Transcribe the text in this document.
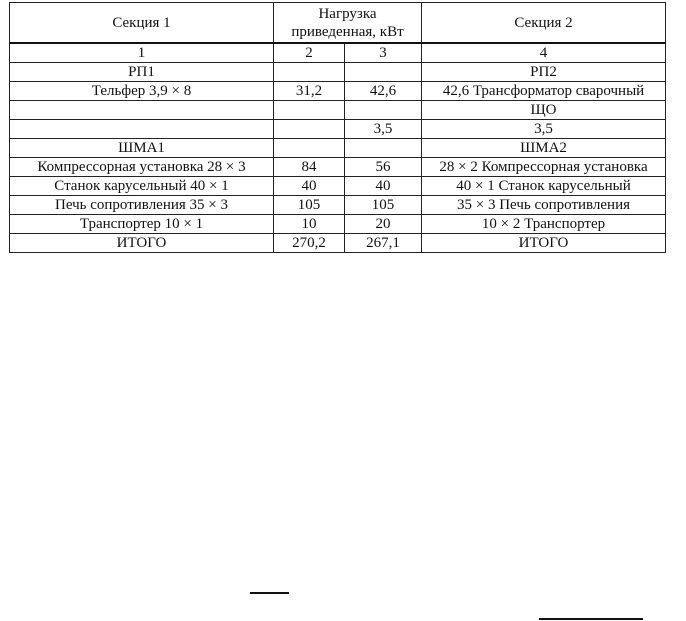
Секция 1	Нагрузка приведенная, кВт		Секция 2
1	2	3	4
РП1			РП2
Тельфер 3,9 × 8	31,2	42,6	42,6 Трансформатор сварочный
			ЩО
		3,5	3,5
ШМА1			ШМА2
Компрессорная установка 28 × 3	84	56	28 × 2 Компрессорная установка
Станок карусельный 40 × 1	40	40	40 × 1 Станок карусельный
Печь сопротивления 35 × 3	105	105	35 × 3 Печь сопротивления
Транспортер 10 × 1	10	20	10 × 2 Транспортер
ИТОГО	270,2	267,1	ИТОГО
